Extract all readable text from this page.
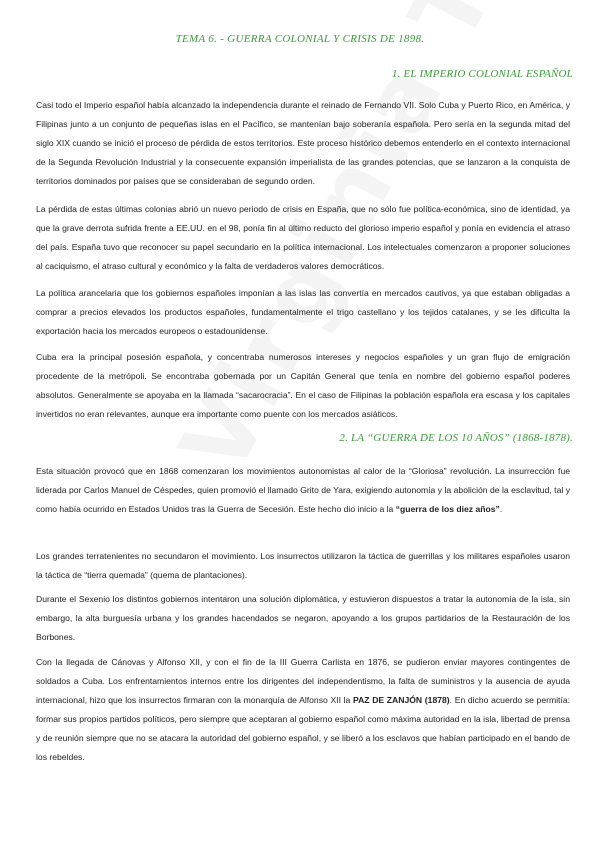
TEMA 6. - GUERRA COLONIAL Y CRISIS DE 1898.
1. EL IMPERIO COLONIAL ESPAÑOL

Casi todo el Imperio español había alcanzado la independencia durante el reinado de Fernando VII. Solo Cuba y Puerto Rico, en América, y Filipinas junto a un conjunto de pequeñas islas en el Pacífico, se mantenían bajo soberanía española. Pero sería en la segunda mitad del siglo XIX cuando se inició el proceso de pérdida de estos territorios. Este proceso histórico debemos entenderlo en el contexto internacional de la Segunda Revolución Industrial y la consecuente expansión imperialista de las grandes potencias, que se lanzaron a la conquista de territorios dominados por países que se consideraban de segundo orden.

La pérdida de estas últimas colonias abrió un nuevo periodo de crisis en España, que no sólo fue política-económica, sino de identidad, ya que la grave derrota sufrida frente a EE.UU. en el 98, ponía fin al último reducto del glorioso imperio español y ponía en evidencia el atraso del país. España tuvo que reconocer su papel secundario en la política internacional. Los intelectuales comenzaron a proponer soluciones al caciquismo, el atraso cultural y económico y la falta de verdaderos valores democráticos.

La política arancelaria que los gobiernos españoles imponían a las islas las convertía en mercados cautivos, ya que estaban obligadas a comprar a precios elevados los productos españoles, fundamentalmente el trigo castellano y los tejidos catalanes, y se les dificulta la exportación hacia los mercados europeos o estadounidense.

Cuba era la principal posesión española, y concentraba numerosos intereses y negocios españoles y un gran flujo de emigración procedente de la metrópoli. Se encontraba gobernada por un Capitán General que tenía en nombre del gobierno español poderes absolutos. Generalmente se apoyaba en la llamada “sacarocracia”. En el caso de Filipinas la población española era escasa y los capitales invertidos no eran relevantes, aunque era importante como puente con los mercados asiáticos.

2. LA “GUERRA DE LOS 10 AÑOS” (1868-1878).

Esta situación provocó que en 1868 comenzaran los movimientos autonomistas al calor de la “Gloriosa” revolución. La insurrección fue liderada por Carlos Manuel de Céspedes, quien promovió el llamado Grito de Yara, exigiendo autonomía y la abolición de la esclavitud, tal y como había ocurrido en Estados Unidos tras la Guerra de Secesión. Este hecho dio inicio a la “guerra de los diez años”.

Los grandes terratenientes no secundaron el movimiento. Los insurrectos utilizaron la táctica de guerrillas y los militares españoles usaron la táctica de “tierra quemada” (quema de plantaciones).

Durante el Sexenio los distintos gobiernos intentaron una solución diplomática, y estuvieron dispuestos a tratar la autonomía de la isla, sin embargo, la alta burguesía urbana y los grandes hacendados se negaron, apoyando a los grupos partidarios de la Restauración de los Borbones.

Con la llegada de Cánovas y Alfonso XII, y con el fin de la III Guerra Carlista en 1876, se pudieron enviar mayores contingentes de soldados a Cuba. Los enfrentamientos internos entre los dirigentes del independentismo, la falta de suministros y la ausencia de ayuda internacional, hizo que los insurrectos firmaran con la monarquía de Alfonso XII la PAZ DE ZANJÓN (1878). En dicho acuerdo se permitía: formar sus propios partidos políticos, pero siempre que aceptaran al gobierno español como máxima autoridad en la isla, libertad de prensa y de reunión siempre que no se atacara la autoridad del gobierno español, y se liberó a los esclavos que habían participado en el bando de los rebeldes.
